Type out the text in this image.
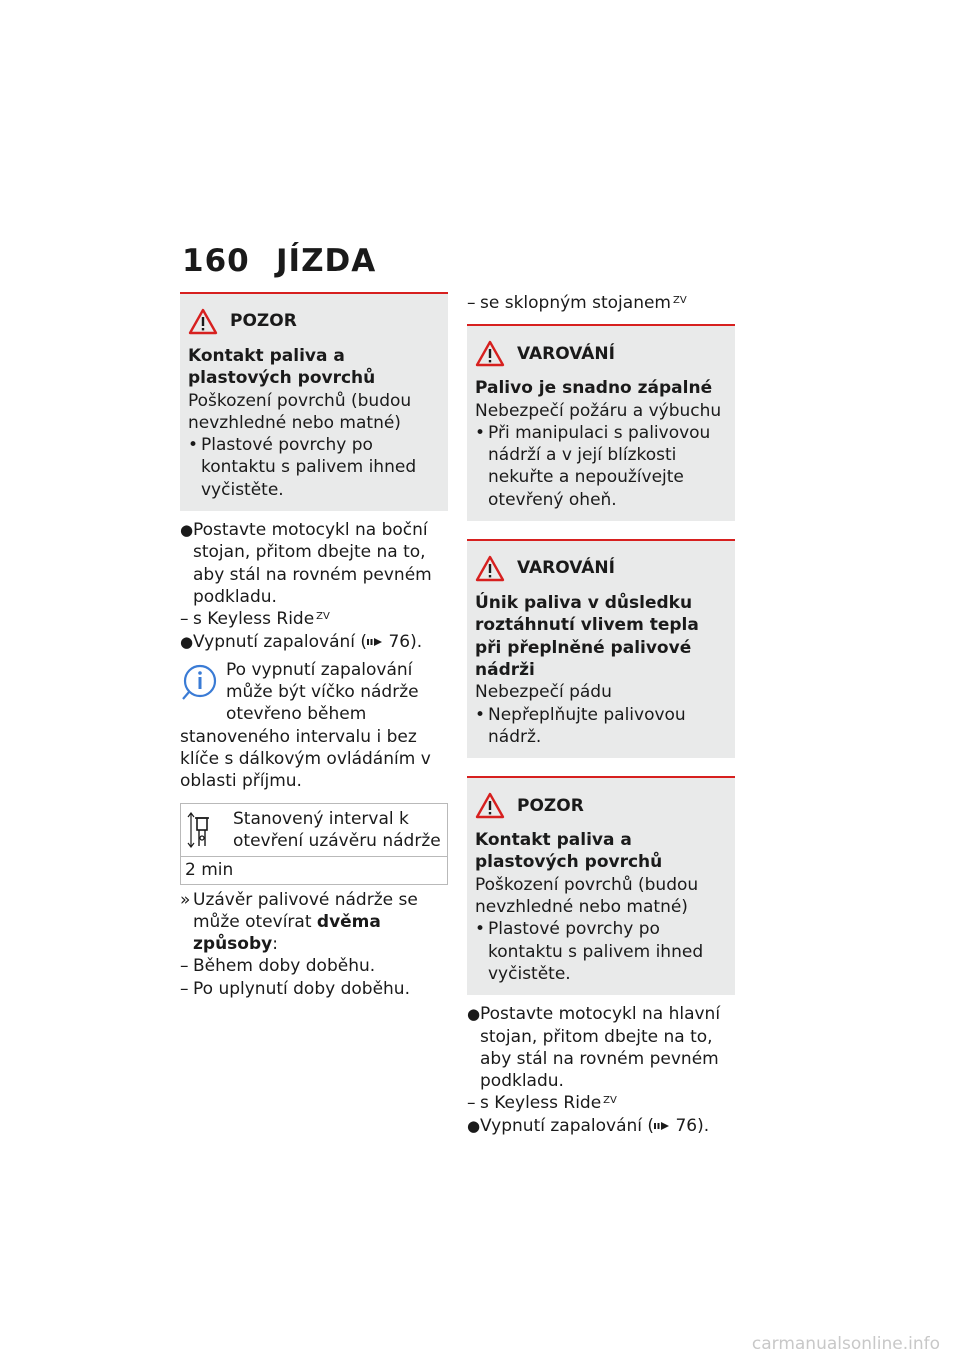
160 JÍZDA
POZOR

Kontakt paliva a plastových povrchů

Poškození povrchů (budou nevzhledné nebo matné)

• Plastové povrchy po kontaktu s palivem ihned vyčistěte.
● Postavte motocykl na boční stojan, přitom dbejte na to, aby stál na rovném pevném podkladu.
– s Keyless Ride $^{ZV}$
● Vypnutí zapalování ( 76).

Po vypnutí zapalování může být víčko nádrže otevřeno během stanoveného intervalu i bez klíče s dálkovým ovládáním v oblasti příjmu.

Stanovený interval k otevření uzávěru nádrže
2 min
» Uzávěr palivové nádrže se může otevírat dvěma způsoby:
– Během doby doběhu.
– Po uplynutí doby doběhu.
– se sklopným stojanem $^{ZV}$
VAROVÁNÍ

Palivo je snadno zápalné

Nebezpečí požáru a výbuchu

• Při manipulaci s palivovou nádrží a v její blízkosti nekuřte a nepoužívejte otevřený oheň.
VAROVÁNÍ

Únik paliva v důsledku roztáhnutí vlivem tepla při přeplněné palivové nádrži

Nebezpečí pádu

• Nepřeplňujte palivovou nádrž.
POZOR

Kontakt paliva a plastových povrchů

Poškození povrchů (budou nevzhledné nebo matné)

• Plastové povrchy po kontaktu s palivem ihned vyčistěte.
● Postavte motocykl na hlavní stojan, přitom dbejte na to, aby stál na rovném pevném podkladu.
– s Keyless Ride $^{ZV}$
● Vypnutí zapalování ( 76).
carmanualsonline.info
